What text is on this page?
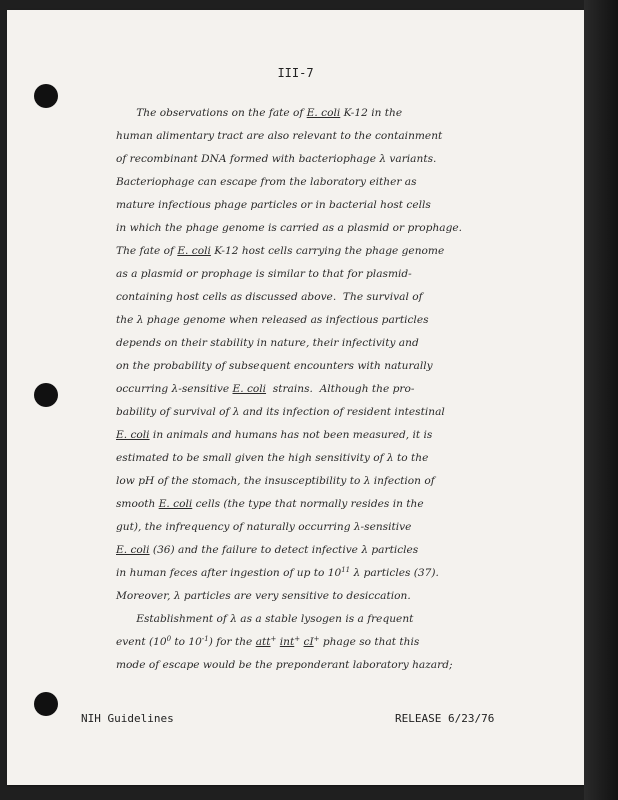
III-7
The observations on the fate of E. coli K-12 in the
human alimentary tract are also relevant to the containment
of recombinant DNA formed with bacteriophage λ variants.
Bacteriophage can escape from the laboratory either as
mature infectious phage particles or in bacterial host cells
in which the phage genome is carried as a plasmid or prophage.
The fate of E. coli K-12 host cells carrying the phage genome
as a plasmid or prophage is similar to that for plasmid-
containing host cells as discussed above.  The survival of
the λ phage genome when released as infectious particles
depends on their stability in nature, their infectivity and
on the probability of subsequent encounters with naturally
occurring λ-sensitive E. coli  strains.  Although the pro-
bability of survival of λ and its infection of resident intestinal
E. coli in animals and humans has not been measured, it is
estimated to be small given the high sensitivity of λ to the
low pH of the stomach, the insusceptibility to λ infection of
smooth E. coli cells (the type that normally resides in the
gut), the infrequency of naturally occurring λ-sensitive
E. coli (36) and the failure to detect infective λ particles
in human feces after ingestion of up to $10^{11}$ λ particles (37).
Moreover, λ particles are very sensitive to desiccation.
Establishment of λ as a stable lysogen is a frequent
event ($10^0$ to $10^{-1}$) for the att+ int+ cI+ phage so that this
mode of escape would be the preponderant laboratory hazard;
NIH Guidelines	RELEASE 6/23/76
